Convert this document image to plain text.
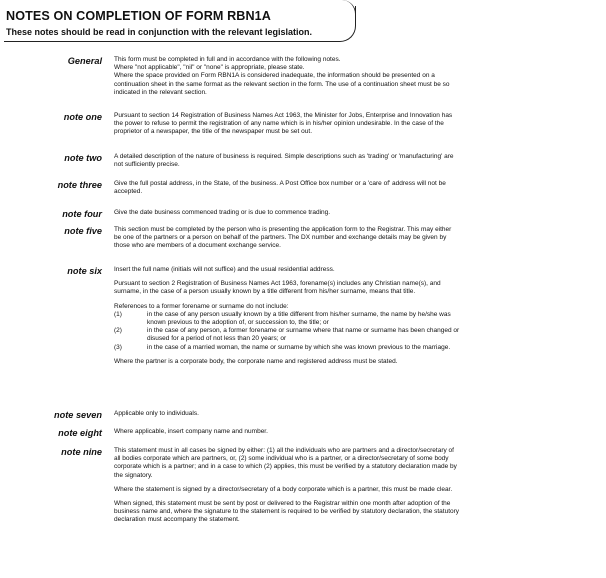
NOTES ON COMPLETION OF FORM RBN1A
These notes should be read in conjunction with the relevant legislation.
General This form must be completed in full and in accordance with the following notes.
Where "not applicable", "nil" or "none" is appropriate, please state.
Where the space provided on Form RBN1A is considered inadequate, the information should be presented on a
continuation sheet in the same format as the relevant section in the form. The use of a continuation sheet must be so
indicated in the relevant section.
note one Pursuant to section 14 Registration of Business Names Act 1963, the Minister for Jobs, Enterprise and Innovation has
the power to refuse to permit the registration of any name which is in his/her opinion undesirable. In the case of the
proprietor of a newspaper, the title of the newspaper must be set out.
note two A detailed description of the nature of business is required. Simple descriptions such as 'trading' or 'manufacturing' are
not sufficiently precise.
note three Give the full postal address, in the State, of the business. A Post Office box number or a 'care of' address will not be
accepted.
note four Give the date business commenced trading or is due to commence trading.
note five This section must be completed by the person who is presenting the application form to the Registrar. This may either
be one of the partners or a person on behalf of the partners. The DX number and exchange details may be given by
those who are members of a document exchange service.
note six Insert the full name (initials will not suffice) and the usual residential address.
Pursuant to section 2 Registration of Business Names Act 1963, forename(s) includes any Christian name(s), and
surname, in the case of a person usually known by a title different from his/her surname, means that title.
References to a former forename or surname do not include:
(1)	in the case of any person usually known by a title different from his/her surname, the name by he/she was
known previous to the adoption of, or succession to, the title; or
(2)	in the case of any person, a former forename or surname where that name or surname has been changed or
disused for a period of not less than 20 years; or
(3)	in the case of a married woman, the name or surname by which she was known previous to the marriage.
Where the partner is a corporate body, the corporate name and registered address must be stated.
note seven Applicable only to individuals.
note eight Where applicable, insert company name and number.
note nine This statement must in all cases be signed by either: (1) all the individuals who are partners and a director/secretary of
all bodies corporate which are partners, or, (2) some individual who is a partner, or a director/secretary of some body
corporate which is a partner; and in a case to which (2) applies, this must be verified by a statutory declaration made by
the signatory.
Where the statement is signed by a director/secretary of a body corporate which is a partner, this must be made clear.
When signed, this statement must be sent by post or delivered to the Registrar within one month after adoption of the
business name and, where the signature to the statement is required to be verified by statutory declaration, the statutory
declaration must accompany the statement.
